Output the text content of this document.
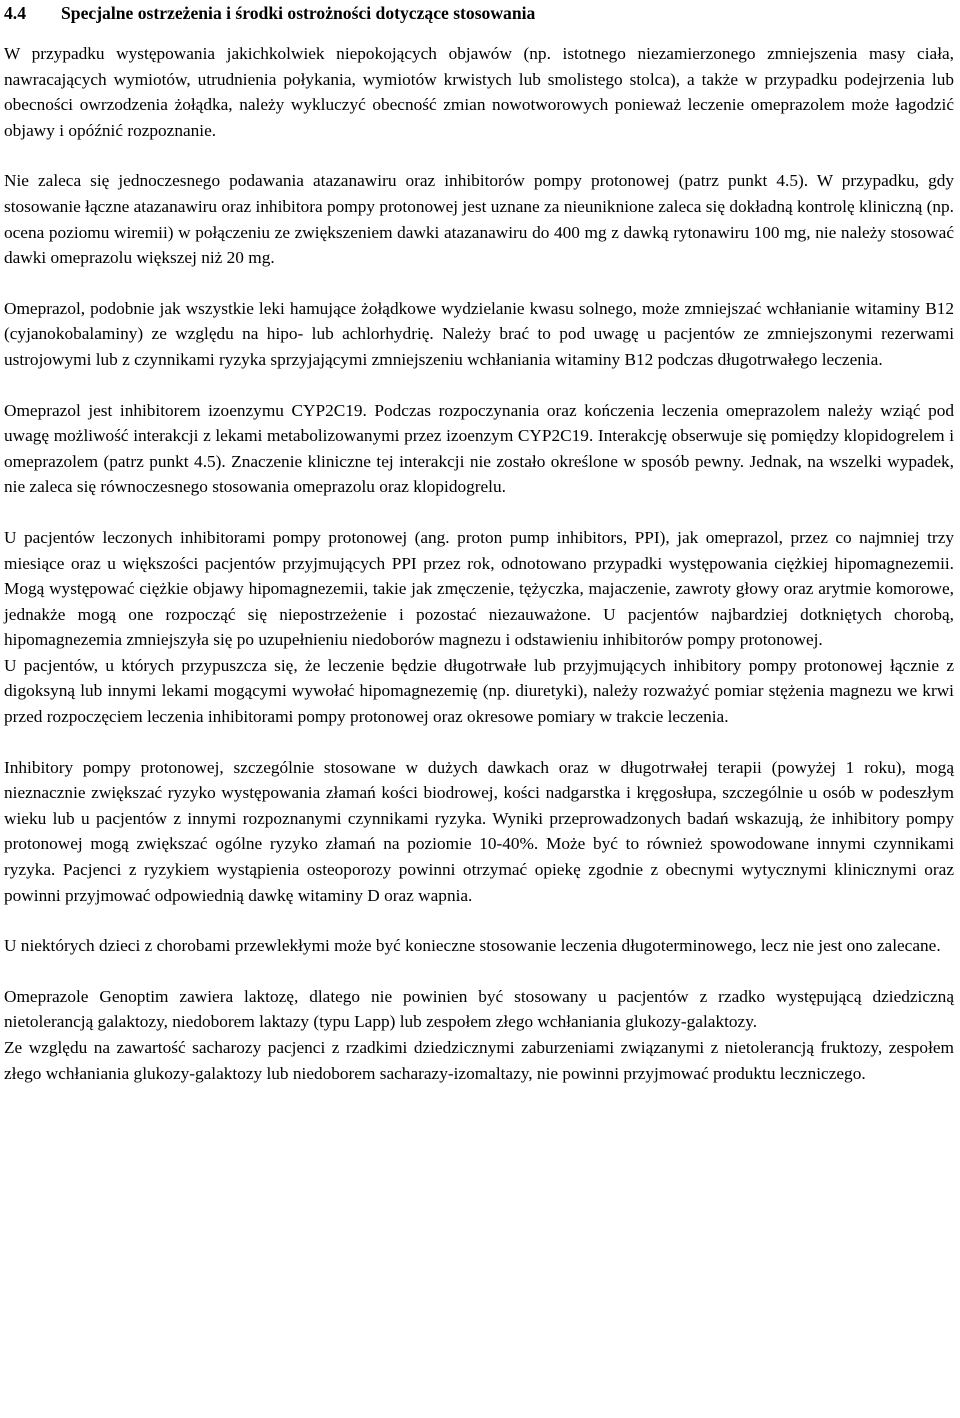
4.4	Specjalne ostrzeżenia i środki ostrożności dotyczące stosowania

W przypadku występowania jakichkolwiek niepokojących objawów (np. istotnego niezamierzonego zmniejszenia masy ciała, nawracających wymiotów, utrudnienia połykania, wymiotów krwistych lub smolistego stolca), a także w przypadku podejrzenia lub obecności owrzodzenia żołądka, należy wykluczyć obecność zmian nowotworowych ponieważ leczenie omeprazolem może łagodzić objawy i opóźnić rozpoznanie.

Nie zaleca się jednoczesnego podawania atazanawiru oraz inhibitorów pompy protonowej (patrz punkt 4.5). W przypadku, gdy stosowanie łączne atazanawiru oraz inhibitora pompy protonowej jest uznane za nieuniknione zaleca się dokładną kontrolę kliniczną (np. ocena poziomu wiremii) w połączeniu ze zwiększeniem dawki atazanawiru do 400 mg z dawką rytonawiru 100 mg, nie należy stosować dawki omeprazolu większej niż 20 mg.

Omeprazol, podobnie jak wszystkie leki hamujące żołądkowe wydzielanie kwasu solnego, może zmniejszać wchłanianie witaminy B12 (cyjanokobalaminy) ze względu na hipo- lub achlorhydrię. Należy brać to pod uwagę u pacjentów ze zmniejszonymi rezerwami ustrojowymi lub z czynnikami ryzyka sprzyjającymi zmniejszeniu wchłaniania witaminy B12 podczas długotrwałego leczenia.

Omeprazol jest inhibitorem izoenzymu CYP2C19. Podczas rozpoczynania oraz kończenia leczenia omeprazolem należy wziąć pod uwagę możliwość interakcji z lekami metabolizowanymi przez izoenzym CYP2C19. Interakcję obserwuje się pomiędzy klopidogrelem i omeprazolem (patrz punkt 4.5). Znaczenie kliniczne tej interakcji nie zostało określone w sposób pewny. Jednak, na wszelki wypadek, nie zaleca się równoczesnego stosowania omeprazolu oraz klopidogrelu.

U pacjentów leczonych inhibitorami pompy protonowej (ang. proton pump inhibitors, PPI), jak omeprazol, przez co najmniej trzy miesiące oraz u większości pacjentów przyjmujących PPI przez rok, odnotowano przypadki występowania ciężkiej hipomagnezemii. Mogą występować ciężkie objawy hipomagnezemii, takie jak zmęczenie, tężyczka, majaczenie, zawroty głowy oraz arytmie komorowe, jednakże mogą one rozpocząć się niepostrzeżenie i pozostać niezauważone. U pacjentów najbardziej dotkniętych chorobą, hipomagnezemia zmniejszyła się po uzupełnieniu niedoborów magnezu i odstawieniu inhibitorów pompy protonowej.

U pacjentów, u których przypuszcza się, że leczenie będzie długotrwałe lub przyjmujących inhibitory pompy protonowej łącznie z digoksyną lub innymi lekami mogącymi wywołać hipomagnezemię (np. diuretyki), należy rozważyć pomiar stężenia magnezu we krwi przed rozpoczęciem leczenia inhibitorami pompy protonowej oraz okresowe pomiary w trakcie leczenia.

Inhibitory pompy protonowej, szczególnie stosowane w dużych dawkach oraz w długotrwałej terapii (powyżej 1 roku), mogą nieznacznie zwiększać ryzyko występowania złamań kości biodrowej, kości nadgarstka i kręgosłupa, szczególnie u osób w podeszłym wieku lub u pacjentów z innymi rozpoznanymi czynnikami ryzyka. Wyniki przeprowadzonych badań wskazują, że inhibitory pompy protonowej mogą zwiększać ogólne ryzyko złamań na poziomie 10-40%. Może być to również spowodowane innymi czynnikami ryzyka. Pacjenci z ryzykiem wystąpienia osteoporozy powinni otrzymać opiekę zgodnie z obecnymi wytycznymi klinicznymi oraz powinni przyjmować odpowiednią dawkę witaminy D oraz wapnia.

U niektórych dzieci z chorobami przewlekłymi może być konieczne stosowanie leczenia długoterminowego, lecz nie jest ono zalecane.

Omeprazole Genoptim zawiera laktozę, dlatego nie powinien być stosowany u pacjentów z rzadko występującą dziedziczną nietolerancją galaktozy, niedoborem laktazy (typu Lapp) lub zespołem złego wchłaniania glukozy-galaktozy.

Ze względu na zawartość sacharozy pacjenci z rzadkimi dziedzicznymi zaburzeniami związanymi z nietolerancją fruktozy, zespołem złego wchłaniania glukozy-galaktozy lub niedoborem sacharazy-izomaltazy, nie powinni przyjmować produktu leczniczego.
